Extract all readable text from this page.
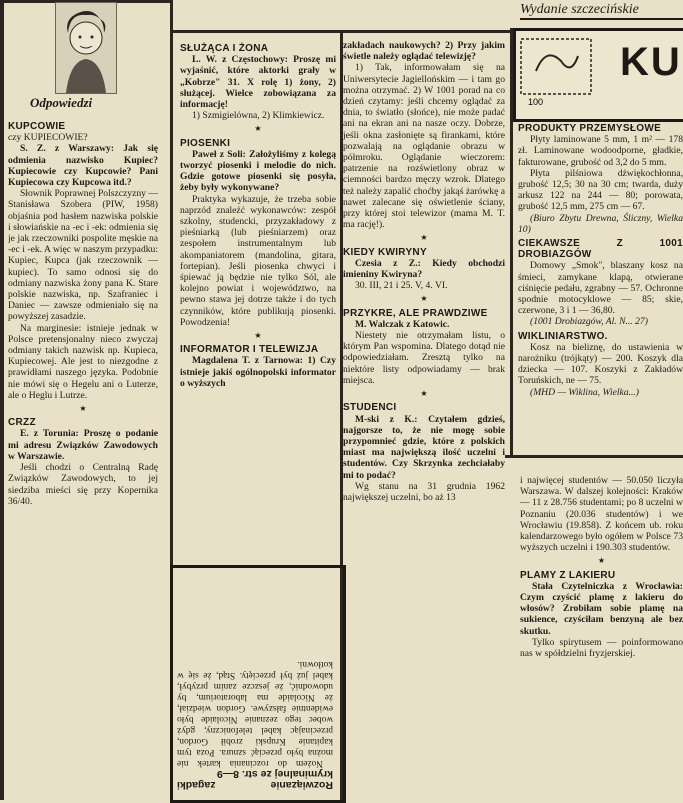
Odpowiedzi
Wydanie szczecińskie
100
KU

KUPCOWIE

czy KUPIECOWIE?

S. Z. z Warszawy: Jak się odmienia nazwisko Kupiec? Kupiecowie czy Kupcowie? Pani Kupiecowa czy Kupcowa itd.?

Słownik Poprawnej Polszczyzny — Stanisława Szobera (PIW, 1958) objaśnia pod hasłem nazwiska polskie i słowiańskie na -ec i -ek: odmienia się je jak rzeczowniki pospolite męskie na -ec i -ek. A więc w naszym przypadku: Kupiec, Kupca (jak rzeczownik — kupiec). To samo odnosi się do odmiany nazwiska żony pana K. Stare polskie nazwiska, np. Szafraniec i Daniec — zawsze odmieniało się na powyższej zasadzie.

Na marginesie: istnieje jednak w Polsce pretensjonalny niecο zwyczaj odmiany takich nazwisk np. Kupieca, Kupiecowej. Ale jest to niezgodne z prawidłami naszego języka. Podobnie nie mówi się o Hegelu ani o Luterze, ale o Heglu i Lutrze.

★

CRZZ

E. z Torunia: Proszę o podanie mi adresu Związków Zawodowych w Warszawie.

Jeśli chodzi o Centralną Radę Związków Zawodowych, to jej siedziba mieści się przy Kopernika 36/40.

SŁUŻĄCA I ŻONA

L. W. z Częstochowy: Proszę mi wyjaśnić, które aktorki grały w „Kobrze" 31. X rolę 1) żony, 2) służącej. Wielce zobowiązana za informację!

1) Szmigielówna, 2) Klimkiewicz.

★

PIOSENKI

Paweł z Soli: Założyliśmy z kolegą tworzyć piosenki i melodie do nich. Gdzie gotowe piosenki się posyła, żeby były wykonywane?

Praktyka wykazuje, że trzeba sobie naprzód znaleźć wykonawców: zespół szkolny, studencki, przyzakładowy z pieśniarką (lub pieśniarzem) oraz zespołem instrumentalnym lub akompaniatorem (mandolina, gitara, fortepian). Jeśli piosenka chwyci i śpiewać ją będzie nie tylko Sól, ale kolejno powiat i województwo, na pewno stawa jej dotrze także i do tych czynników, które publikują piosenki. Powodzenia!

★

INFORMATOR I TELEWIZJA

Magdalena T. z Tarnowa: 1) Czy istnieje jakiś ogólnopolski informator o wyższych

Rozwiązanie zagadki kryminalnej ze str. 8—9

Nożem do rozcinania kartek nie można było przeciąć sznura. Poza tym kapitanie Krupski zrobił Gordon, przecinając kabel telefoniczny, gdyż wobec tego zeznanie Nicolaide było ewidentnie fałszywe. Gordon wiedział, że Nicolaide ma laboratorium, by udowodnić, że jeszcze zanim przybył, kabel już był przecięty. Stąd, że się w kotłowni.

zakładach naukowych? 2) Przy jakim świetle należy oglądać telewizję?

1) Tak, informowałam się na Uniwersytecie Jagiellońskim — i tam go można otrzymać. 2) W 1001 porad na co dzień czytamy: jeśli chcemy oglądać za dnia, to światło (słońce), nie może padać ani na ekran ani na nasze oczy. Dobrze, jeśli okna zasłonięte są firankami, które pozwalają na oglądanie obrazu w półmroku. Oglądanie wieczorem: patrzenie na rozświetlony obraz w ciemności bardzo męczy wzrok. Dlatego też należy zapalić choćby jakąś żarówkę a nawet zalecane się oświetlenie ściany, przy której stoi telewizor (mama M. T. ma rację!).

★

KIEDY KWIRYNY

Czesia z Z.: Kiedy obchodzi imieniny Kwiryna?

30. III, 21 i 25. V, 4. VI.

★

PRZYKRE, ALE PRAWDZIWE

M. Walczak z Katowic.

Niestety nie otrzymałam listu, o którym Pan wspomina. Dlatego dotąd nie odpowiedziałam. Zresztą tylko na niektóre listy odpowiadamy — brak miejsca.

★

STUDENCI

M-ski z K.: Czytałem gdzieś, najgorsze to, że nie mogę sobie przypomnieć gdzie, które z polskich miast ma największą ilość uczelni i studentów. Czy Skrzynka zechciałaby mi to podać?

Wg stanu na 31 grudnia 1962 największej uczelni, bo aż 13

PRODUKTY PRZEMYSŁOWE

Płyty laminowane 5 mm, 1 m² — 178 zł. Laminowane wodoodporne, gładkie, fakturowane, grubość od 3,2 do 5 mm.

Płyta pilśniowa dźwiękochłonna, grubość 12,5; 30 na 30 cm; twarda, duży arkusz 122 na 244 — 80; porowata, grubość 12,5 mm, 275 cm — 67.

(Biuro Zbytu Drewna, Śliczny, Wielka 10)

CIEKAWSZE Z 1001 DROBIAZGÓW

Domowy „Smok", blaszany kosz na śmieci, zamykane klapą, otwierane ciśnięcie pedału, zgrabny — 57. Ochronne spodnie motocyklowe — 85; skie, czerwone, 3 i 1 — 36,80.

(1001 Drobiazgów, Al. N... 27)

WIKLINIARSTWO.

Kosz na bieliznę, do ustawienia w narożniku (trójkąty) — 200. Koszyk dla dziecka — 107. Koszyki z Zakładów Toruńskich, ne — 75.

(MHD — Wiklina, Wielka...)

i najwięcej studentów — 50.050 liczyła Warszawa. W dalszej kolejności: Kraków — 11 z 28.756 studentami; po 8 uczelni w Poznaniu (20.036 studentów) i we Wrocławiu (19.858). Z końcem ub. roku kalendarzowego było ogółem w Polsce 73 wyższych uczelni i 190.303 studentów.

★

PLAMY Z LAKIERU

Stała Czytelniczka z Wrocławia: Czym czyścić plamę z lakieru do włosów? Zrobiłam sobie plamę na sukience, czyściłam benzyną ale bez skutku.

Tylko spirytusem — poinformowano nas w spółdzielni fryzjerskiej.
